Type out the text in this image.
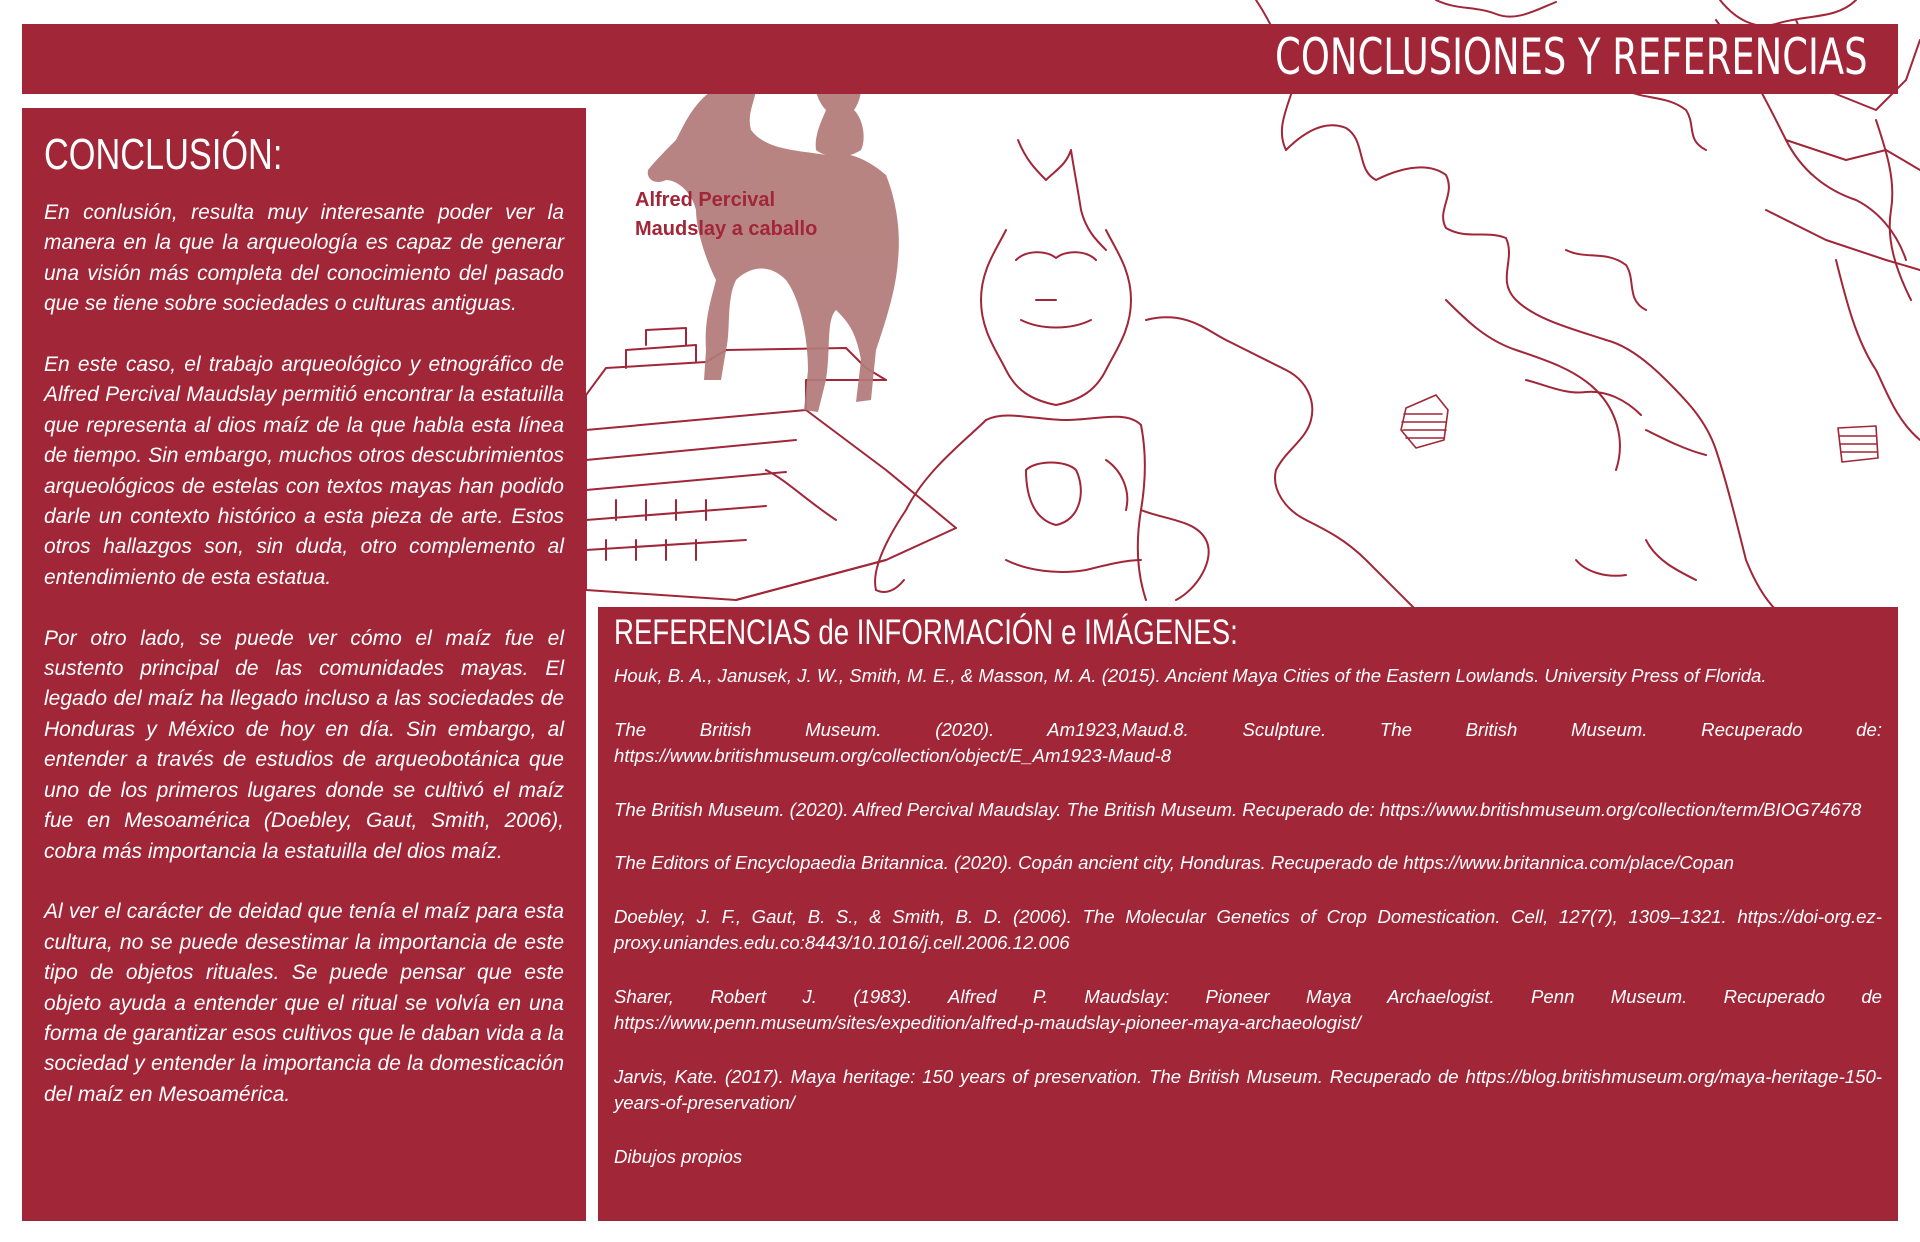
CONCLUSIONES Y REFERENCIAS
CONCLUSIÓN:

En conlusión, resulta muy interesante poder ver la manera en la que la arqueología es capaz de generar una visión más completa del conocimiento del pasado que se tiene sobre sociedades o culturas antiguas.

En este caso, el trabajo arqueológico y etnográfico de Alfred Percival Maudslay permitió encontrar la estatuilla que representa al dios maíz de la que habla esta línea de tiempo. Sin embargo, muchos otros descubrimientos arqueológicos de estelas con textos mayas han podido darle un contexto histórico a esta pieza de arte. Estos otros hallazgos son, sin duda, otro complemento al entendimiento de esta estatua.

Por otro lado, se puede ver cómo el maíz fue el sustento principal de las comunidades mayas. El legado del maíz ha llegado incluso a las sociedades de Honduras y México de hoy en día. Sin embargo, al entender a través de estudios de arqueobotánica que uno de los primeros lugares donde se cultivó el maíz fue en Mesoamérica (Doebley, Gaut, Smith, 2006), cobra más importancia la estatuilla del dios maíz.

Al ver el carácter de deidad que tenía el maíz para esta cultura, no se puede desestimar la importancia de este tipo de objetos rituales. Se puede pensar que este objeto ayuda a entender que el ritual se volvía en una forma de garantizar esos cultivos que le daban vida a la sociedad y entender la importancia de la domesticación del maíz en Mesoamérica.

Alfred Percival
Maudslay a caballo
REFERENCIAS de INFORMACIÓN e IMÁGENES:

Houk, B. A., Janusek, J. W., Smith, M. E., & Masson, M. A. (2015). Ancient Maya Cities of the Eastern Lowlands. University Press of Florida.

The British Museum. (2020). Am1923,Maud.8. Sculpture. The British Museum. Recuperado de: https://www.britishmuseum.org/collection/object/E_Am1923-Maud-8

The British Museum. (2020). Alfred Percival Maudslay. The British Museum. Recuperado de: https://www.britishmuseum.org/collection/term/BIOG74678

The Editors of Encyclopaedia Britannica. (2020). Copán ancient city, Honduras. Recuperado de https://www.britannica.com/place/Copan

Doebley, J. F., Gaut, B. S., & Smith, B. D. (2006). The Molecular Genetics of Crop Domestication. Cell, 127(7), 1309–1321. https://doi-org.ez-proxy.uniandes.edu.co:8443/10.1016/j.cell.2006.12.006

Sharer, Robert J. (1983). Alfred P. Maudslay: Pioneer Maya Archaelogist. Penn Museum. Recuperado de https://www.penn.museum/sites/expedition/alfred-p-maudslay-pioneer-maya-archaeologist/

Jarvis, Kate. (2017). Maya heritage: 150 years of preservation. The British Museum. Recuperado de https://blog.britishmuseum.org/maya-heritage-150-years-of-preservation/

Dibujos propios
